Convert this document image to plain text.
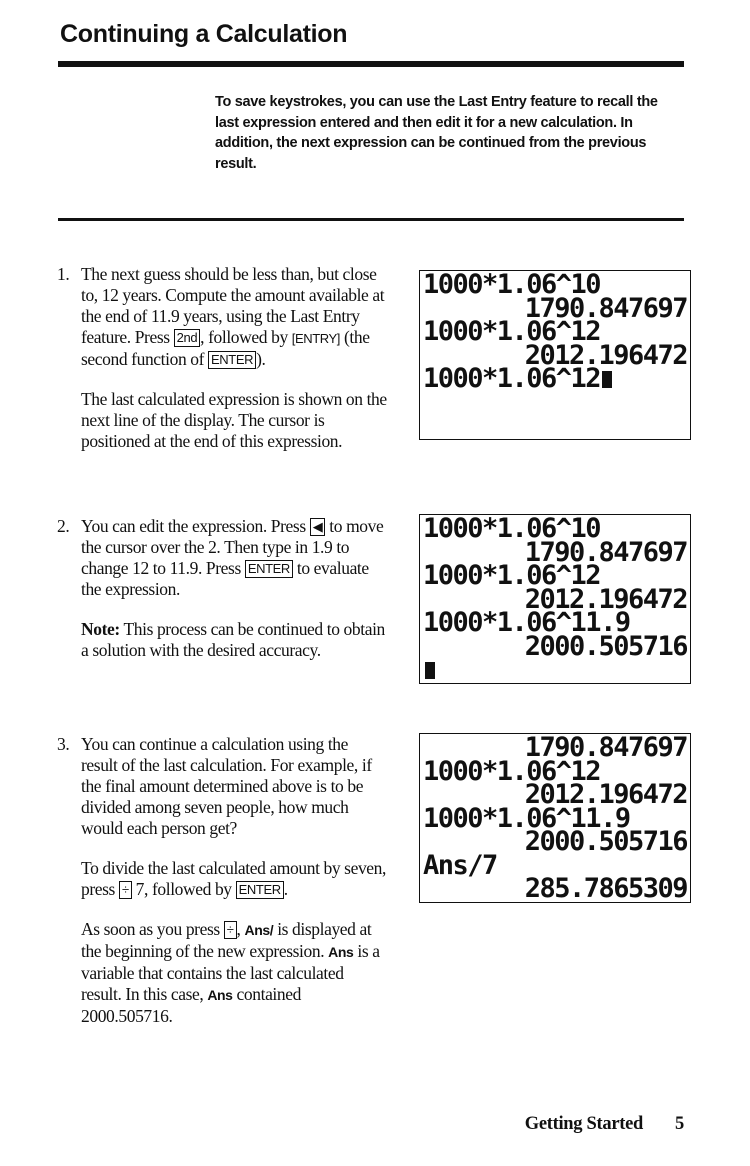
Continuing a Calculation
To save keystrokes, you can use the Last Entry feature to recall the last expression entered and then edit it for a new calculation. In addition, the next expression can be continued from the previous result.
1. The next guess should be less than, but close to, 12 years. Compute the amount available at the end of 11.9 years, using the Last Entry feature. Press 2nd , followed by [ENTRY] (the second function of ENTER ).

The last calculated expression is shown on the next line of the display. The cursor is positioned at the end of this expression.

2. You can edit the expression. Press ◀ to move the cursor over the 2. Then type in 1.9 to change 12 to 11.9. Press ENTER to evaluate the expression.

Note: This process can be continued to obtain a solution with the desired accuracy.

3. You can continue a calculation using the result of the last calculation. For example, if the final amount determined above is to be divided among seven people, how much would each person get?

To divide the last calculated amount by seven, press ÷ 7, followed by ENTER .

As soon as you press ÷ , Ans/ is displayed at the beginning of the new expression. Ans is a variable that contains the last calculated result. In this case, Ans contained 2000.505716.

1000*1.06^10
1790.847697
1000*1.06^12
2012.196472
1000*1.06^12
1000*1.06^10
1790.847697
1000*1.06^12
2012.196472
1000*1.06^11.9
2000.505716
1790.847697
1000*1.06^12
2012.196472
1000*1.06^11.9
2000.505716
Ans/7
285.7865309
Getting Started 5
